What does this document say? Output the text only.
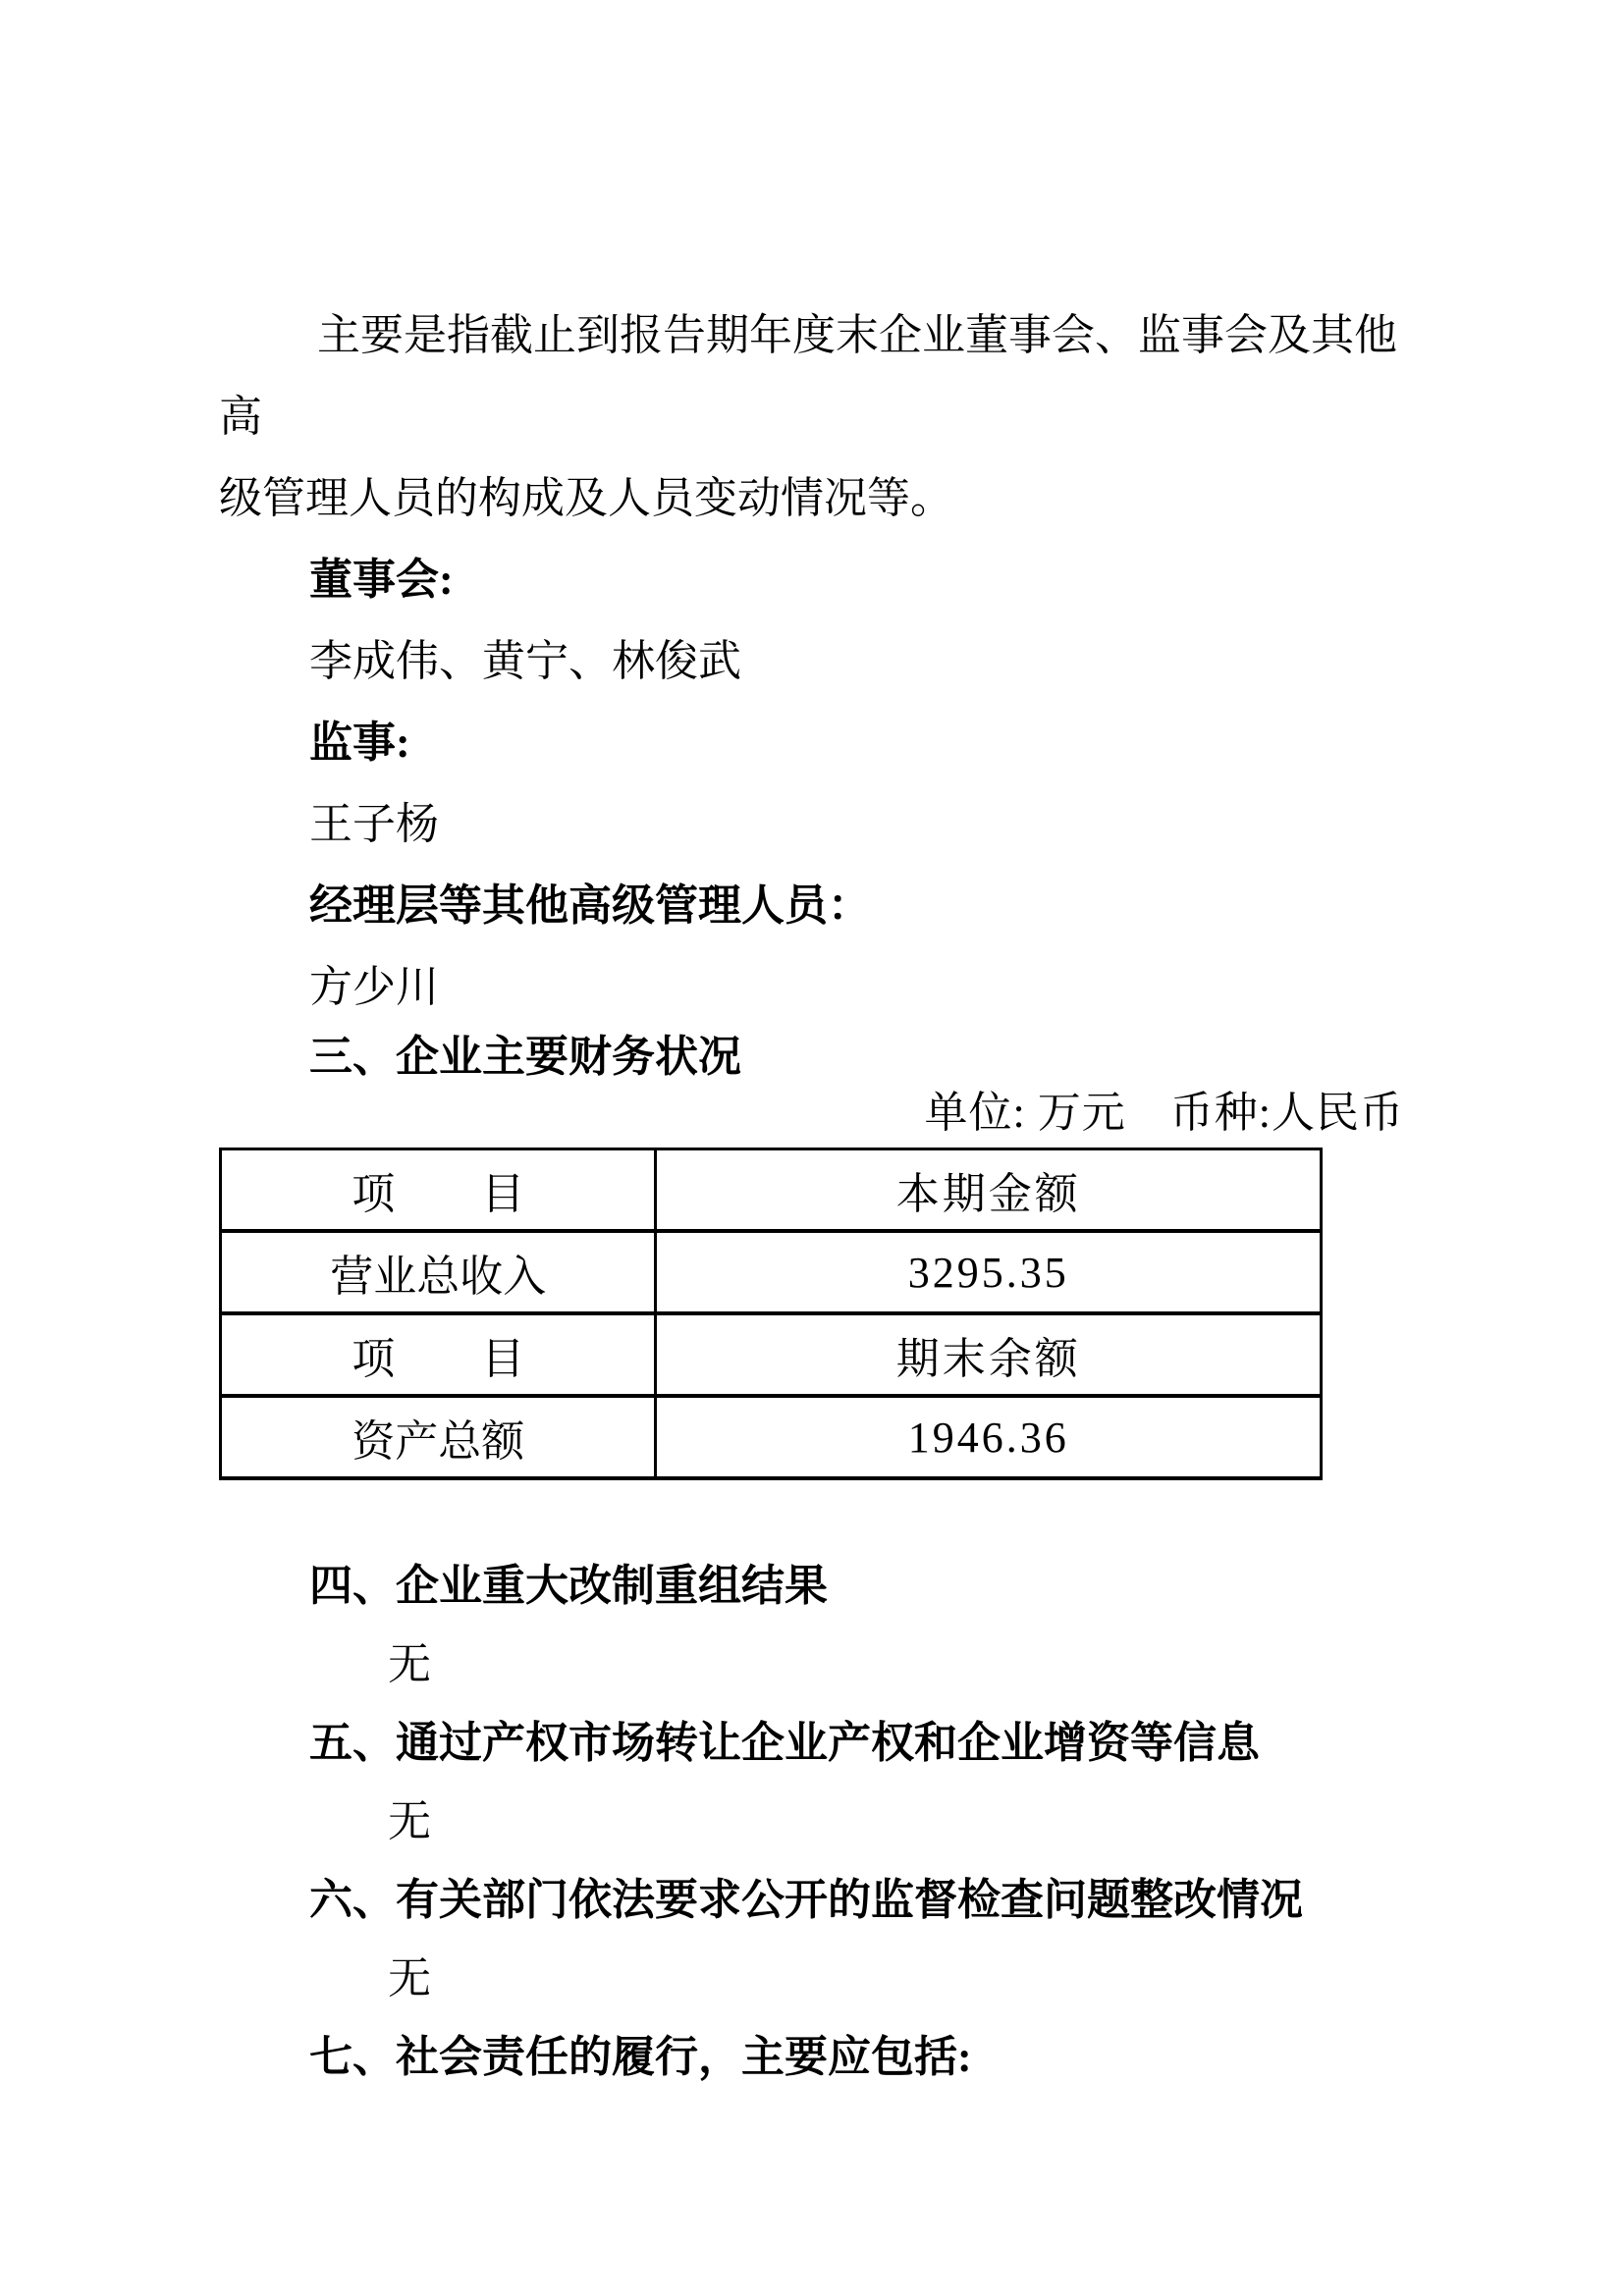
主要是指截止到报告期年度末企业董事会、监事会及其他高
级管理人员的构成及人员变动情况等。
董事会:
李成伟、黄宁、林俊武
监事:
王子杨
经理层等其他高级管理人员：
方少川
三、企业主要财务状况
单位: 万元　币种:人民币
项　　目	本期金额
营业总收入	3295.35
项　　目	期末余额
资产总额	1946.36
四、企业重大改制重组结果
无
五、通过产权市场转让企业产权和企业增资等信息
无
六、有关部门依法要求公开的监督检查问题整改情况
无
七、社会责任的履行，主要应包括:
